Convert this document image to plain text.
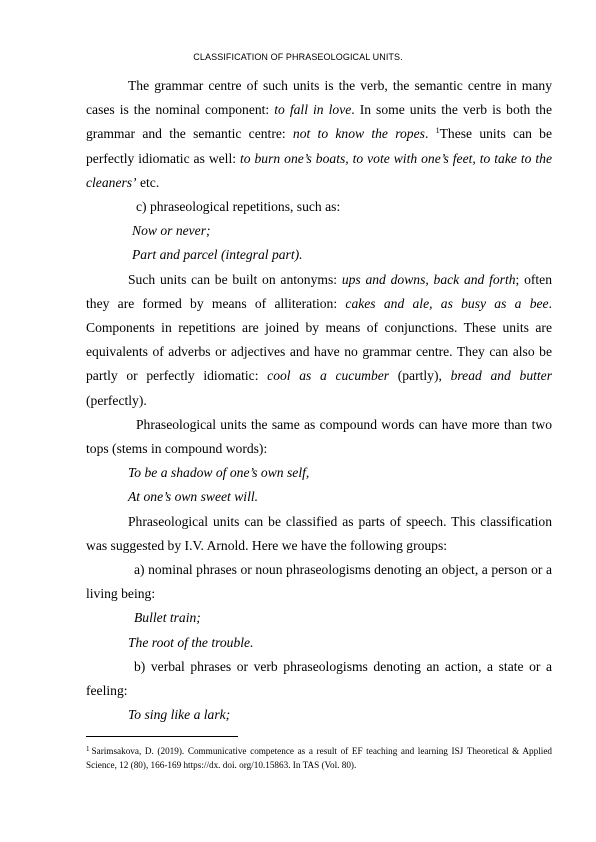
CLASSIFICATION OF PHRASEOLOGICAL UNITS.

The grammar centre of such units is the verb, the semantic centre in many cases is the nominal component: to fall in love. In some units the verb is both the grammar and the semantic centre: not to know the ropes. $^1$These units can be perfectly idiomatic as well: to burn one’s boats, to vote with one’s feet, to take to the cleaners’ etc.

c) phraseological repetitions, such as:

Now or never;

Part and parcel (integral part).

Such units can be built on antonyms: ups and downs, back and forth; often they are formed by means of alliteration: cakes and ale, as busy as a bee. Components in repetitions are joined by means of conjunctions. These units are equivalents of adverbs or adjectives and have no grammar centre. They can also be partly or perfectly idiomatic: cool as a cucumber (partly), bread and butter (perfectly).

Phraseological units the same as compound words can have more than two tops (stems in compound words):

To be a shadow of one’s own self,

At one’s own sweet will.

Phraseological units can be classified as parts of speech. This classification was suggested by I.V. Arnold. Here we have the following groups:

a) nominal phrases or noun phraseologisms denoting an object, a person or a living being:

Bullet train;

The root of the trouble.

b) verbal phrases or verb phraseologisms denoting an action, a state or a feeling:

To sing like a lark;

$^1$ Sarimsakova, D. (2019). Communicative competence as a result of EF teaching and learning ISJ Theoretical & Applied Science, 12 (80), 166-169 https://dx. doi. org/10.15863. In TAS (Vol. 80).
